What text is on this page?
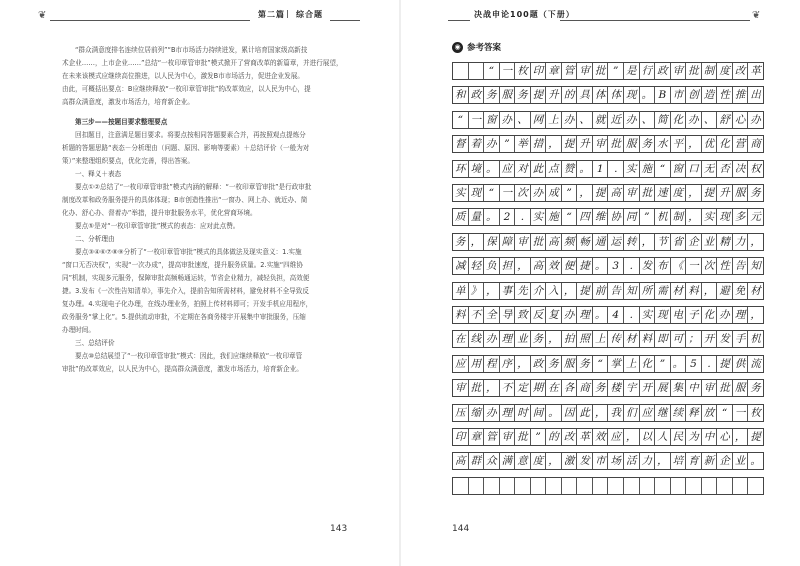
❦	第二篇 | 综合题

“群众满意度排名连续位居前列”“B市市场活力持续迸发，累计培育国家级高新技

术企业……，上市企业……”总结“一枚印章管审批”模式掀开了营商改革的新篇章，并进行展望，

在未来该模式应继续高位推进，以人民为中心，激发B市市场活力，促进企业发展。

由此，可概括出要点：B应继续释放“一枚印章管审批”的改革效应，以人民为中心，提

高群众满意度，激发市场活力，培育新企业。

第三步——按题目要求整理要点

回扣题目，注意满足题目要求。将要点按相同答题要素合并，再按照观点提炼分

析题的答题思路“表态－分析理由（问题、原因、影响等要素）＋总结评价（一般为对

策）”来整理组织要点，优化完善，得出答案。

一、释义＋表态

要点①②总结了“一枚印章管审批”模式内涵的解释：“一枚印章管审批”是行政审批

制度改革和政务服务提升的具体体现；B市创造性推出“一窗办、网上办、就近办、简

化办、舒心办、督着办”举措，提升审批服务水平，优化营商环境。

要点⑤是对“一枚印章管审批”模式的表态：应对此点赞。

二、分析理由

要点③④⑥⑦⑧⑨分析了“一枚印章管审批”模式的具体做法及现实意义：1.实施

“窗口无否决权”，实现“一次办成”，提高审批速度，提升服务质量。2.实施“四维协

同”机制，实现多元服务，保障审批高频畅通运转，节省企业精力，减轻负担，高效便

捷。3.发布《一次性告知清单》，事先介入，提前告知所需材料，避免材料不全导致反

复办理。4.实现电子化办理，在线办理业务，拍照上传材料即可；开发手机应用程序，

政务服务“掌上化”。5.提供流动审批，不定期在各商务楼宇开展集中审批服务，压缩

办理时间。

三、总结评价

要点⑩总结展望了“一枚印章管审批”模式：因此，我们应继续释放“一枚印章管

审批”的改革效应，以人民为中心，提高群众满意度，激发市场活力，培育新企业。

143
决战申论100题（下册）	❦
144
◉ 参考答案
“ 一 枚 印 章 管 审 批 ” 是 行 政 审 批 制 度 改 革
和 政 务 服 务 提 升 的 具 体 体 现 。 B 市 创 造 性 推 出
“ 一 窗 办 、 网 上 办 、 就 近 办 、 简 化 办 、 舒 心 办
督 着 办 ” 举 措 ， 提 升 审 批 服 务 水 平 ， 优 化 营 商
环 境 。 应 对 此 点 赞 。 1	. 实 施 “ 窗 口 无 否 决 权
实 现 “ 一 次 办 成 ” ， 提 高 审 批 速 度 ， 提 升 服 务
质 量 。 2	. 实 施 “ 四 维 协 同 ” 机 制 ， 实 现 多 元
务 ， 保 障 审 批 高 频 畅 通 运 转 ， 节 省 企 业 精 力 ，
减 轻 负 担 ， 高 效 便 捷 。 3	. 发 布 《 一 次 性 告 知
单 》 ， 事 先 介 入 ， 提 前 告 知 所 需 材 料 ， 避 免 材
料 不 全 导 致 反 复 办 理 。 4	. 实 现 电 子 化 办 理 ，
在 线 办 理 业 务 ， 拍 照 上 传 材 料 即 可 ； 开 发 手 机
应 用 程 序 ， 政 务 服 务 “ 掌 上 化 ” 。 5	. 提 供 流
审 批 ， 不 定 期 在 各 商 务 楼 宇 开 展 集 中 审 批 服 务
压 缩 办 理 时 间 。 因 此 ， 我 们 应 继 续 释 放 “ 一 枚
印 章 管 审 批 ” 的 改 革 效 应 ， 以 人 民 为 中 心 ， 提
高 群 众 满 意 度 ， 激 发 市 场 活 力 ， 培 育 新 企 业 。
